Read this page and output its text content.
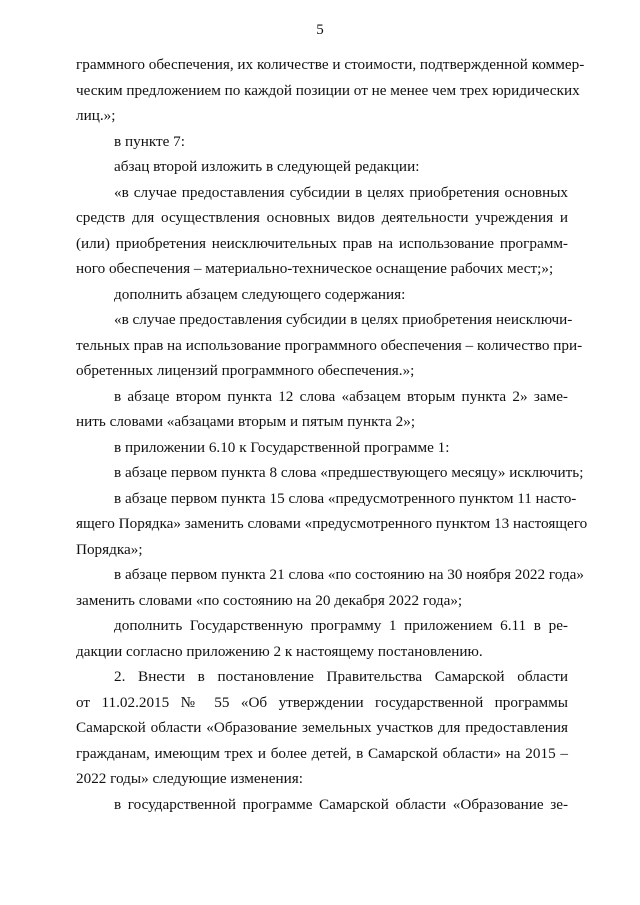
5
граммного обеспечения, их количестве и стоимости, подтвержденной коммер-
ческим предложением по каждой позиции от не менее чем трех юридических
лиц.»;
в пункте 7:
абзац второй изложить в следующей редакции:
«в случае предоставления субсидии в целях приобретения основных
средств для осуществления основных видов деятельности учреждения и
(или) приобретения неисключительных прав на использование программ-
ного обеспечения – материально-техническое оснащение рабочих мест;»;
дополнить абзацем следующего содержания:
«в случае предоставления субсидии в целях приобретения неисключи-
тельных прав на использование программного обеспечения – количество при-
обретенных лицензий программного обеспечения.»;
в абзаце втором пункта 12 слова «абзацем вторым пункта 2» заме-
нить словами «абзацами вторым и пятым пункта 2»;
в приложении 6.10 к Государственной программе 1:
в абзаце первом пункта 8 слова «предшествующего месяцу» исключить;
в абзаце первом пункта 15 слова «предусмотренного пунктом 11 насто-
ящего Порядка» заменить словами «предусмотренного пунктом 13 настоящего
Порядка»;
в абзаце первом пункта 21 слова «по состоянию на 30 ноября 2022 года»
заменить словами «по состоянию на 20 декабря 2022 года»;
дополнить Государственную программу 1 приложением 6.11 в ре-
дакции согласно приложению 2 к настоящему постановлению.
2. Внести в постановление Правительства Самарской области
от 11.02.2015 № 55 «Об утверждении государственной программы
Самарской области «Образование земельных участков для предоставления
гражданам, имеющим трех и более детей, в Самарской области» на 2015 –
2022 годы» следующие изменения:
в государственной программе Самарской области «Образование зе-
